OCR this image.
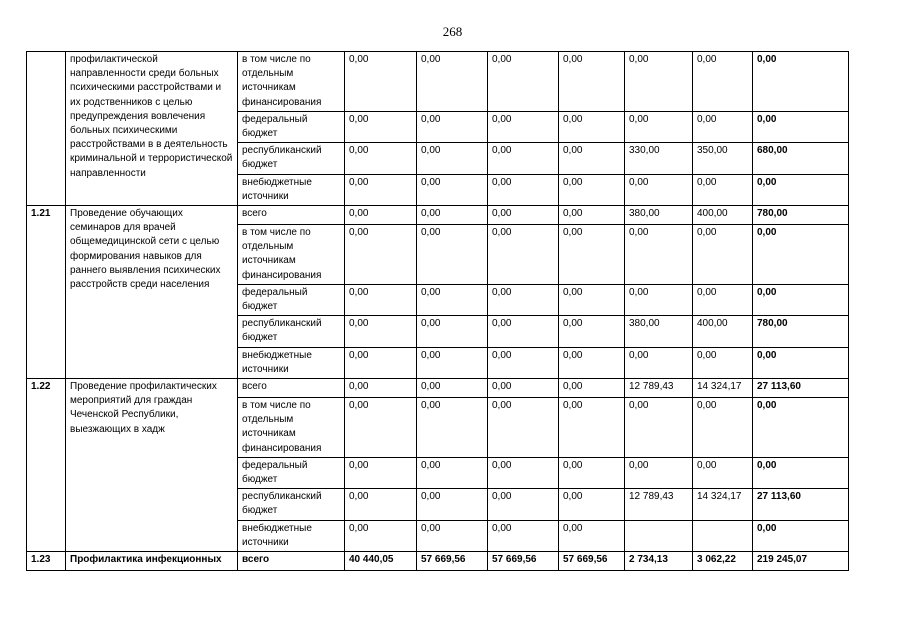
268
	профилактической направленности среди больных психическими расстройствами и их родственников с целью предупреждения вовлечения больных психическими расстройствами в в деятельность криминальной и террористической направленности	в том числе по отдельным источникам финансирования	0,00	0,00	0,00	0,00	0,00	0,00	0,00
		федеральный бюджет	0,00	0,00	0,00	0,00	0,00	0,00	0,00
		республиканский бюджет	0,00	0,00	0,00	0,00	330,00	350,00	680,00
		внебюджетные источники	0,00	0,00	0,00	0,00	0,00	0,00	0,00
1.21	Проведение обучающих семинаров для врачей общемедицинской сети с целью формирования навыков для раннего выявления психических расстройств среди населения	всего	0,00	0,00	0,00	0,00	380,00	400,00	780,00
		в том числе по отдельным источникам финансирования	0,00	0,00	0,00	0,00	0,00	0,00	0,00
		федеральный бюджет	0,00	0,00	0,00	0,00	0,00	0,00	0,00
		республиканский бюджет	0,00	0,00	0,00	0,00	380,00	400,00	780,00
		внебюджетные источники	0,00	0,00	0,00	0,00	0,00	0,00	0,00
1.22	Проведение профилактических мероприятий для граждан Чеченской Республики, выезжающих в хадж	всего	0,00	0,00	0,00	0,00	12 789,43	14 324,17	27 113,60
		в том числе по отдельным источникам финансирования	0,00	0,00	0,00	0,00	0,00	0,00	0,00
		федеральный бюджет	0,00	0,00	0,00	0,00	0,00	0,00	0,00
		республиканский бюджет	0,00	0,00	0,00	0,00	12 789,43	14 324,17	27 113,60
		внебюджетные источники	0,00	0,00	0,00	0,00			0,00
1.23	Профилактика инфекционных	всего	40 440,05	57 669,56	57 669,56	57 669,56	2 734,13	3 062,22	219 245,07
